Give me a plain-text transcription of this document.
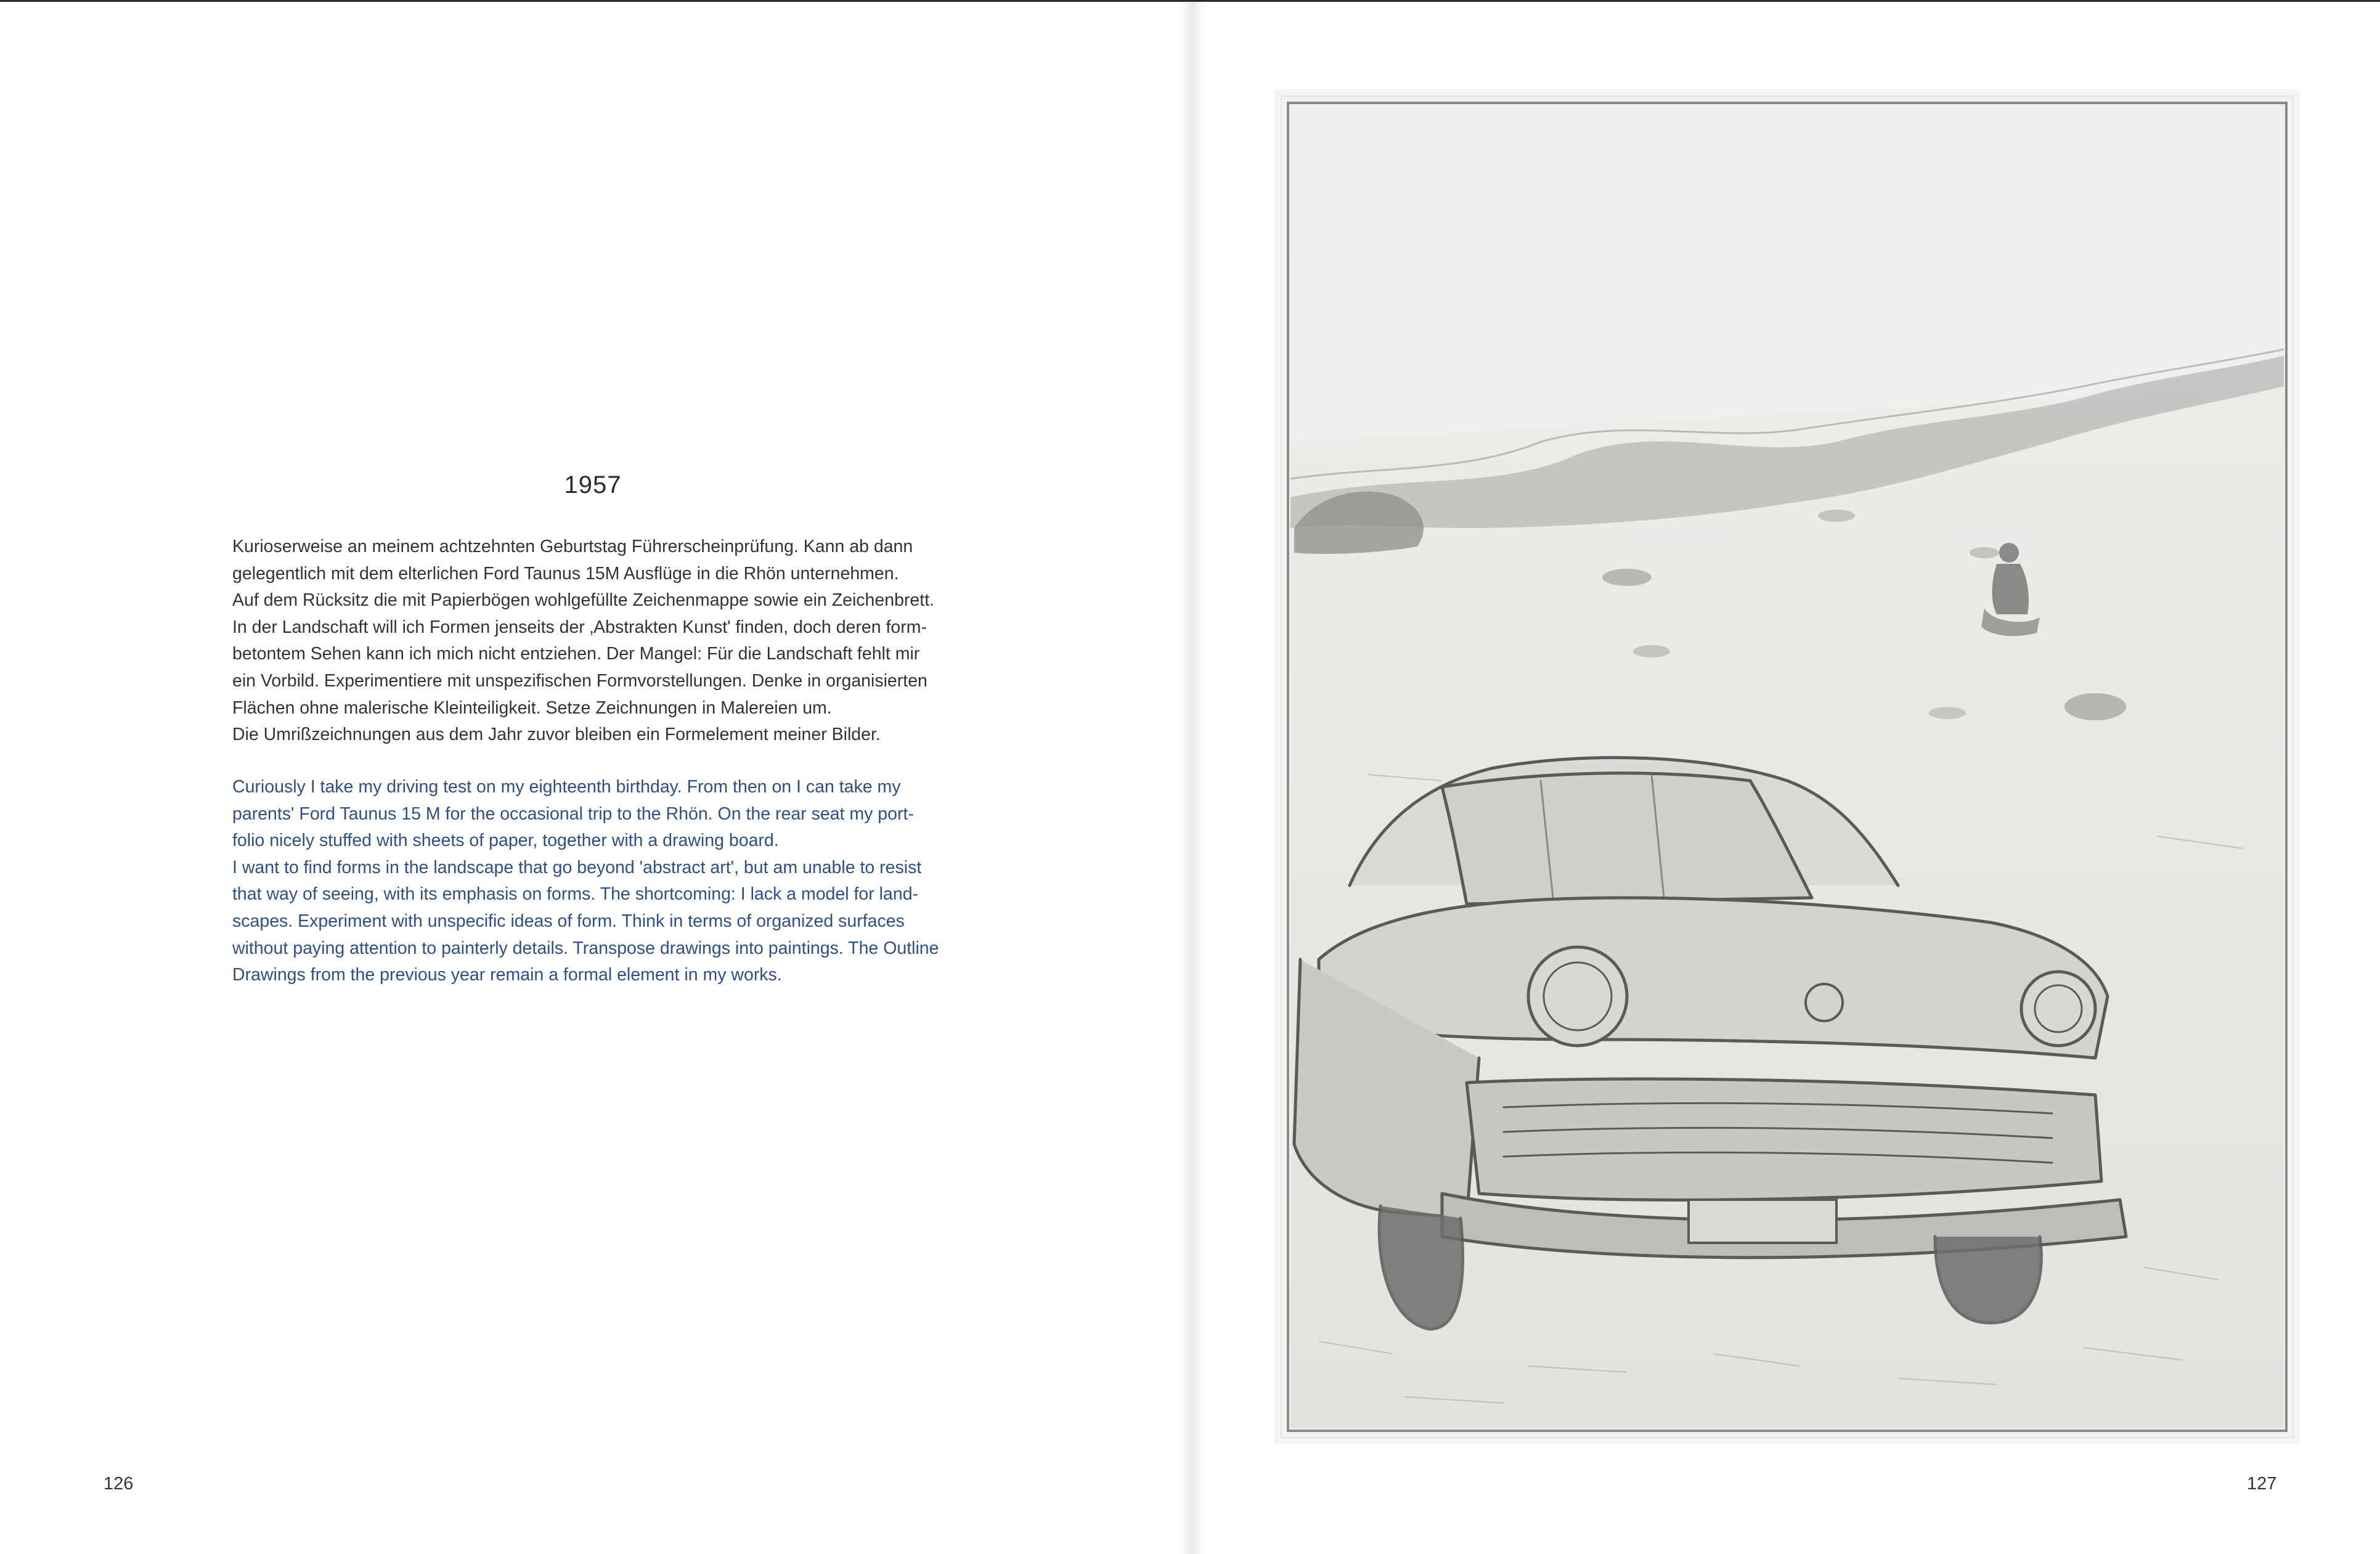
1957
Kurioserweise an meinem achtzehnten Geburtstag Führerscheinprüfung. Kann ab dann
gelegentlich mit dem elterlichen Ford Taunus 15M Ausflüge in die Rhön unternehmen.
Auf dem Rücksitz die mit Papierbögen wohlgefüllte Zeichenmappe sowie ein Zeichenbrett.
In der Landschaft will ich Formen jenseits der ‚Abstrakten Kunst' finden, doch deren form-
betontem Sehen kann ich mich nicht entziehen. Der Mangel: Für die Landschaft fehlt mir
ein Vorbild. Experimentiere mit unspezifischen Formvorstellungen. Denke in organisierten
Flächen ohne malerische Kleinteiligkeit. Setze Zeichnungen in Malereien um.
Die Umrißzeichnungen aus dem Jahr zuvor bleiben ein Formelement meiner Bilder.
Curiously I take my driving test on my eighteenth birthday. From then on I can take my
parents' Ford Taunus 15 M for the occasional trip to the Rhön. On the rear seat my port-
folio nicely stuffed with sheets of paper, together with a drawing board.
I want to find forms in the landscape that go beyond 'abstract art', but am unable to resist
that way of seeing, with its emphasis on forms. The shortcoming: I lack a model for land-
scapes. Experiment with unspecific ideas of form. Think in terms of organized surfaces
without paying attention to painterly details. Transpose drawings into paintings. The Outline
Drawings from the previous year remain a formal element in my works.
126	127
